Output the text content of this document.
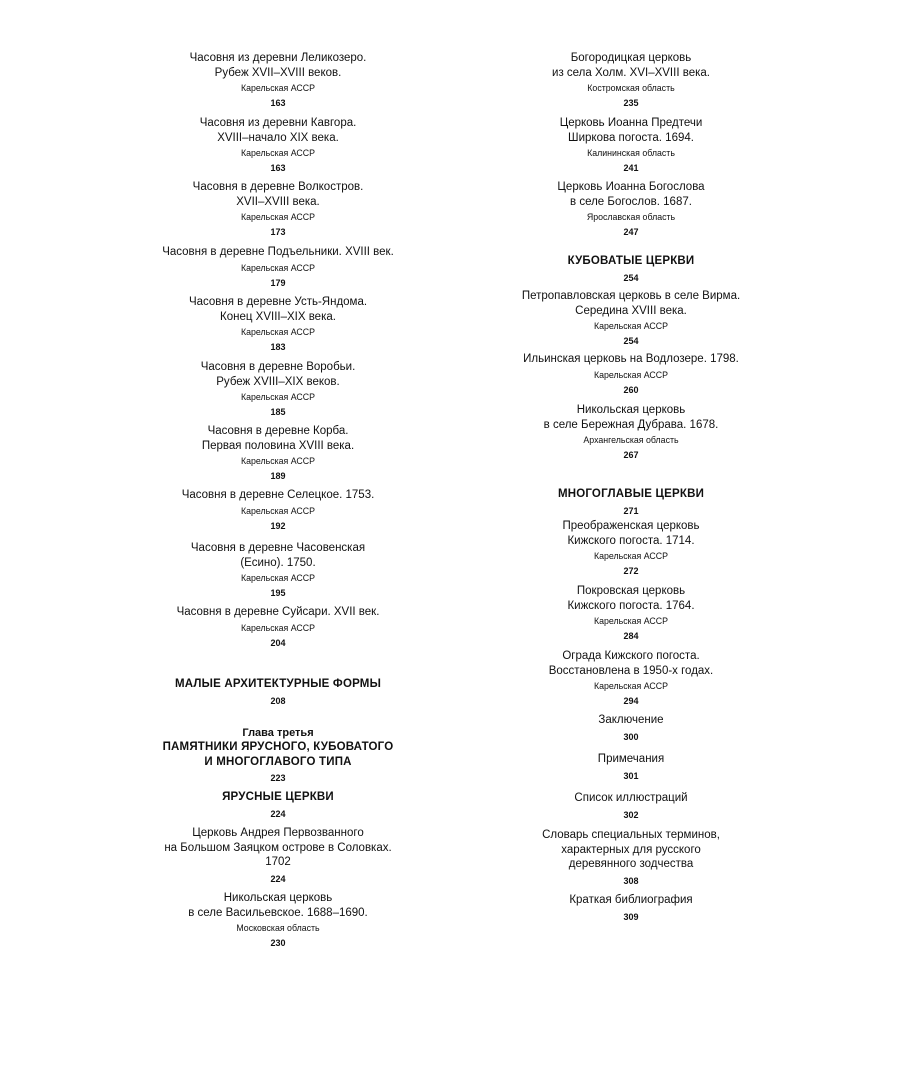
Часовня из деревни Леликозеро.
Рубеж XVII–XVIII веков.
Карельская АССР
163
Часовня из деревни Кавгора.
XVIII–начало XIX века.
Карельская АССР
163
Часовня в деревне Волкостров.
XVII–XVIII века.
Карельская АССР
173
Часовня в деревне Подъельники. XVIII век.
Карельская АССР
179
Часовня в деревне Усть-Яндома.
Конец XVIII–XIX века.
Карельская АССР
183
Часовня в деревне Воробьи.
Рубеж XVIII–XIX веков.
Карельская АССР
185
Часовня в деревне Корба.
Первая половина XVIII века.
Карельская АССР
189
Часовня в деревне Селецкое. 1753.
Карельская АССР
192
Часовня в деревне Часовенская
(Есино). 1750.
Карельская АССР
195
Часовня в деревне Суйсари. XVII век.
Карельская АССР
204
МАЛЫЕ АРХИТЕКТУРНЫЕ ФОРМЫ
208
Глава третья
ПАМЯТНИКИ ЯРУСНОГО, КУБОВАТОГО
И МНОГОГЛАВОГО ТИПА
223
ЯРУСНЫЕ ЦЕРКВИ
224
Церковь Андрея Первозванного
на Большом Заяцком острове в Соловках.
1702
224
Никольская церковь
в селе Васильевское. 1688–1690.
Московская область
230
Богородицкая церковь
из села Холм. XVI–XVIII века.
Костромская область
235
Церковь Иоанна Предтечи
Ширкова погоста. 1694.
Калининская область
241
Церковь Иоанна Богослова
в селе Богослов. 1687.
Ярославская область
247
КУБОВАТЫЕ ЦЕРКВИ
254
Петропавловская церковь в селе Вирма.
Середина XVIII века.
Карельская АССР
254
Ильинская церковь на Водлозере. 1798.
Карельская АССР
260
Никольская церковь
в селе Бережная Дубрава. 1678.
Архангельская область
267
МНОГОГЛАВЫЕ ЦЕРКВИ
271
Преображенская церковь
Кижского погоста. 1714.
Карельская АССР
272
Покровская церковь
Кижского погоста. 1764.
Карельская АССР
284
Ограда Кижского погоста.
Восстановлена в 1950-х годах.
Карельская АССР
294
Заключение
300
Примечания
301
Список иллюстраций
302
Словарь специальных терминов,
характерных для русского
деревянного зодчества
308
Краткая библиография
309
